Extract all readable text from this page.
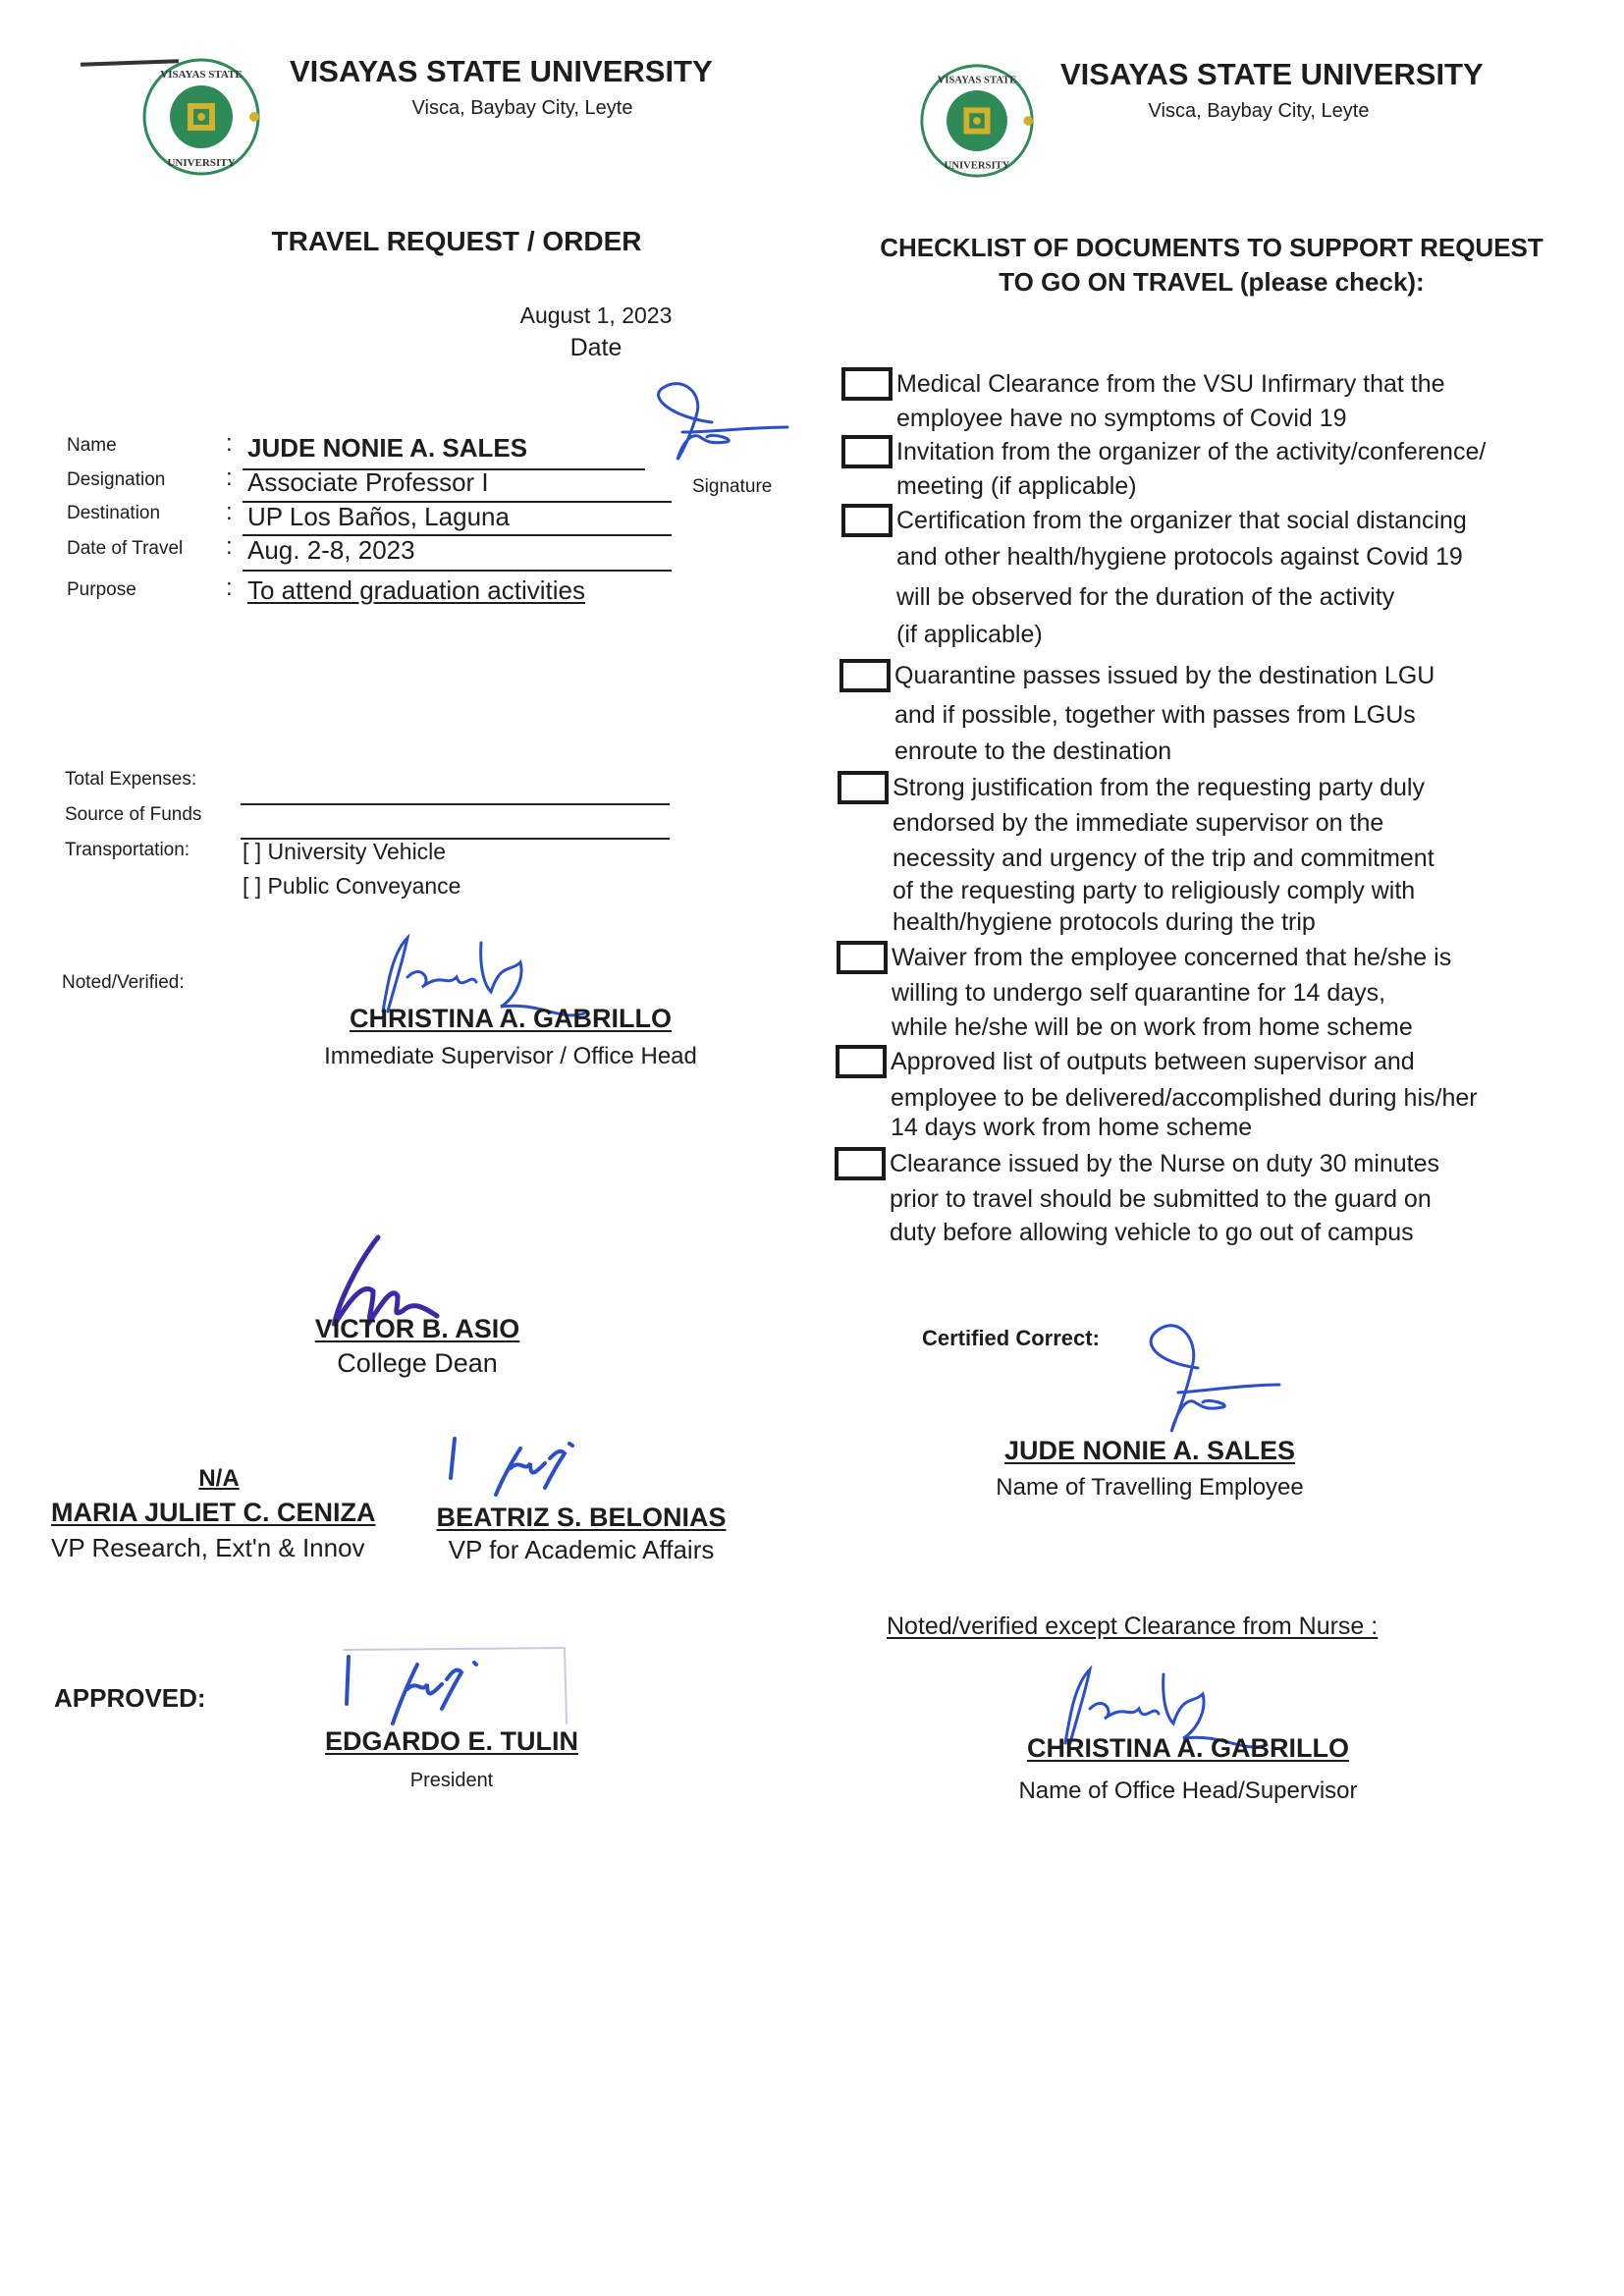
VISAYAS STATE
UNIVERSITY
VISAYAS STATE UNIVERSITY
Visca, Baybay City, Leyte
VISAYAS STATE
UNIVERSITY
VISAYAS STATE UNIVERSITY
Visca, Baybay City, Leyte
TRAVEL REQUEST / ORDER
August 1, 2023
Date
Signature
Name	: JUDE NONIE A. SALES
Designation	: Associate Professor I
Destination	: UP Los Baños, Laguna
Date of Travel : Aug. 2-8, 2023
Purpose	: To attend graduation activities
Total Expenses:
Source of Funds
Transportation: [ ] University Vehicle
[ ] Public Conveyance
Noted/Verified:
CHRISTINA A. GABRILLO
Immediate Supervisor / Office Head
VICTOR B. ASIO
College Dean
N/A
MARIA JULIET C. CENIZA
VP Research, Ext'n & Innov
BEATRIZ S. BELONIAS
VP for Academic Affairs
APPROVED:
EDGARDO E. TULIN
President
CHECKLIST OF DOCUMENTS TO SUPPORT REQUEST
TO GO ON TRAVEL (please check):
Medical Clearance from the VSU Infirmary that the
employee have no symptoms of Covid 19
Invitation from the organizer of the activity/conference/
meeting (if applicable)
Certification from the organizer that social distancing
and other health/hygiene protocols against Covid 19
will be observed for the duration of the activity
(if applicable)
Quarantine passes issued by the destination LGU
and if possible, together with passes from LGUs
enroute to the destination
Strong justification from the requesting party duly
endorsed by the immediate supervisor on the
necessity and urgency of the trip and commitment
of the requesting party to religiously comply with
health/hygiene protocols during the trip
Waiver from the employee concerned that he/she is
willing to undergo self quarantine for 14 days,
while he/she will be on work from home scheme
Approved list of outputs between supervisor and
employee to be delivered/accomplished during his/her
14 days work from home scheme
Clearance issued by the Nurse on duty 30 minutes
prior to travel should be submitted to the guard on
duty before allowing vehicle to go out of campus
Certified Correct:
JUDE NONIE A. SALES
Name of Travelling Employee
Noted/verified except Clearance from Nurse :
CHRISTINA A. GABRILLO
Name of Office Head/Supervisor
